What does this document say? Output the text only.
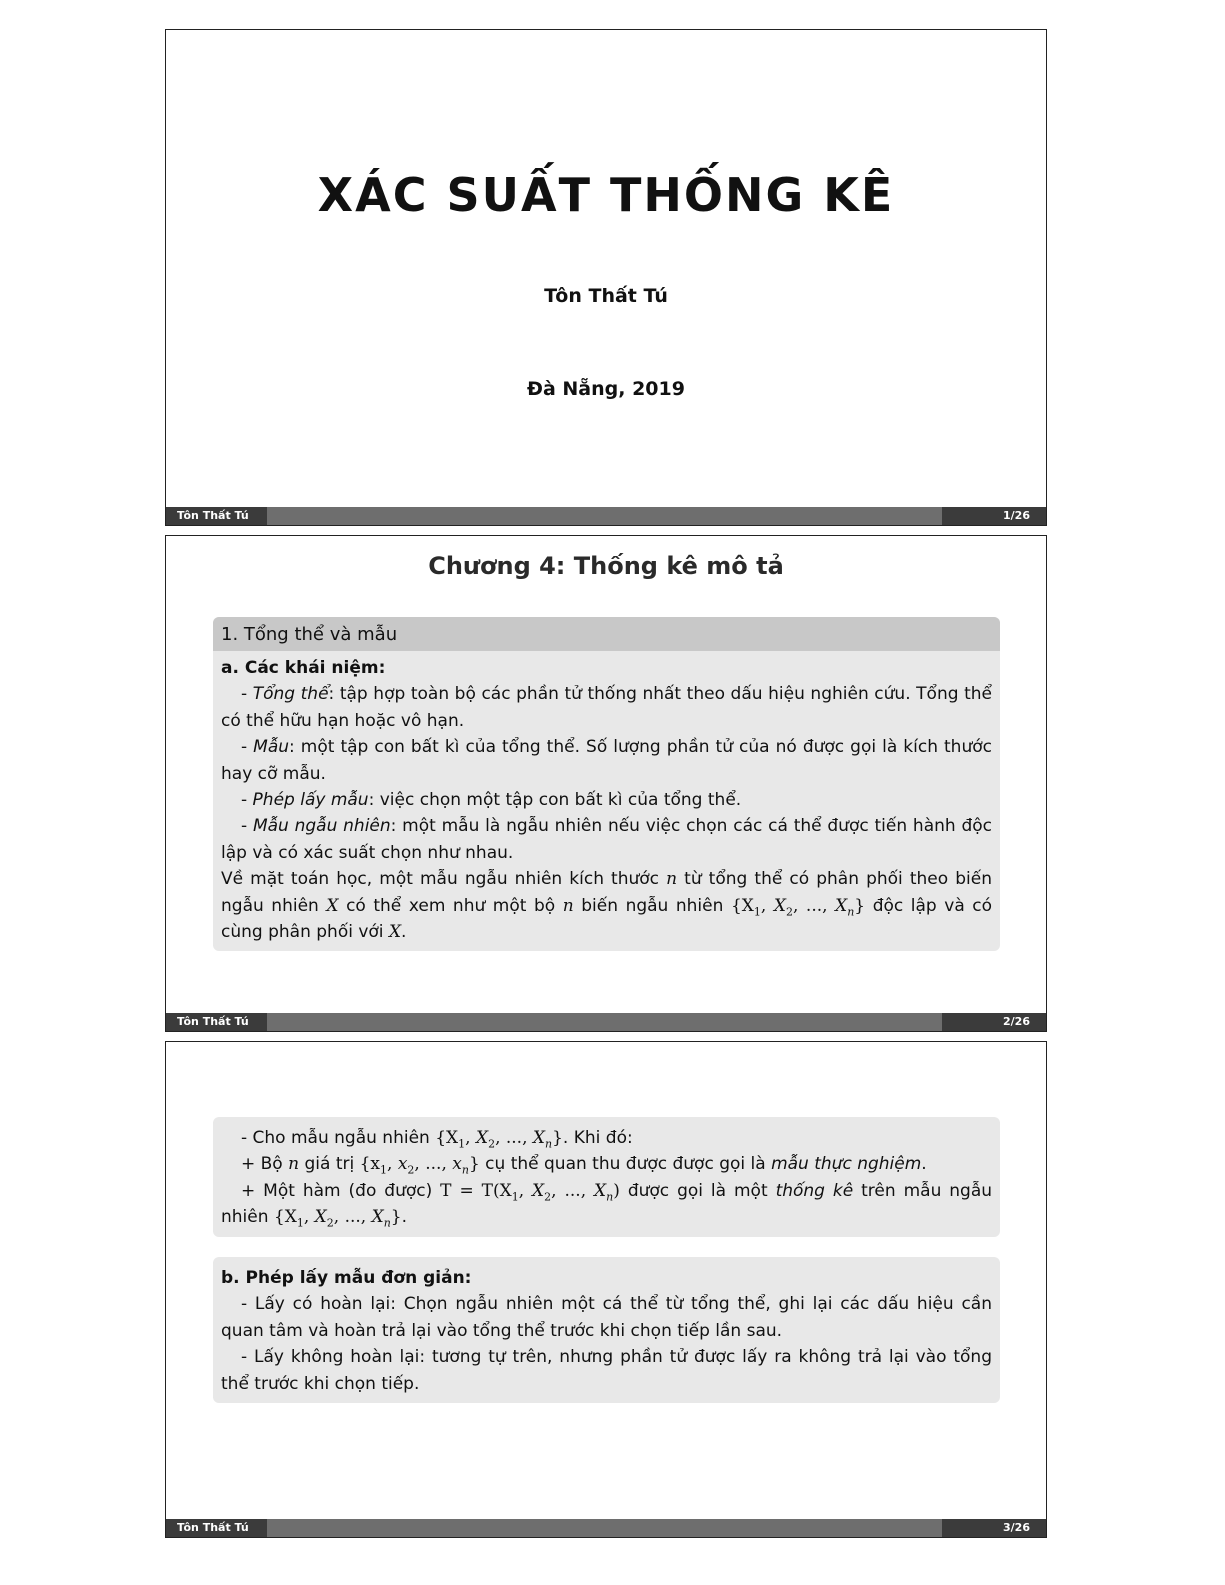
XÁC SUẤT THỐNG KÊ
Tôn Thất Tú
Đà Nẵng, 2019
Tôn Thất Tú	1/26
Chương 4: Thống kê mô tả
1. Tổng thể và mẫu

a. Các khái niệm:

- Tổng thể: tập hợp toàn bộ các phần tử thống nhất theo dấu hiệu nghiên cứu. Tổng thể có thể hữu hạn hoặc vô hạn.

- Mẫu: một tập con bất kì của tổng thể. Số lượng phần tử của nó được gọi là kích thước hay cỡ mẫu.

- Phép lấy mẫu: việc chọn một tập con bất kì của tổng thể.

- Mẫu ngẫu nhiên: một mẫu là ngẫu nhiên nếu việc chọn các cá thể được tiến hành độc lập và có xác suất chọn như nhau.

Về mặt toán học, một mẫu ngẫu nhiên kích thước n từ tổng thể có phân phối theo biến ngẫu nhiên X có thể xem như một bộ n biến ngẫu nhiên {$X_1$, $X_2$, ..., $X_n$} độc lập và có cùng phân phối với X.

Tôn Thất Tú	2/26

- Cho mẫu ngẫu nhiên {$X_1$, $X_2$, ..., $X_n$}. Khi đó:

+ Bộ n giá trị {$x_1$, $x_2$, ..., $x_n$} cụ thể quan thu được được gọi là mẫu thực nghiệm.

+ Một hàm (đo được) $T = T(X_1$, $X_2$, ..., $X_n$) được gọi là một thống kê trên mẫu ngẫu nhiên {$X_1$, $X_2$, ..., $X_n$}.

b. Phép lấy mẫu đơn giản:

- Lấy có hoàn lại: Chọn ngẫu nhiên một cá thể từ tổng thể, ghi lại các dấu hiệu cần quan tâm và hoàn trả lại vào tổng thể trước khi chọn tiếp lần sau.

- Lấy không hoàn lại: tương tự trên, nhưng phần tử được lấy ra không trả lại vào tổng thể trước khi chọn tiếp.

Tôn Thất Tú	3/26
